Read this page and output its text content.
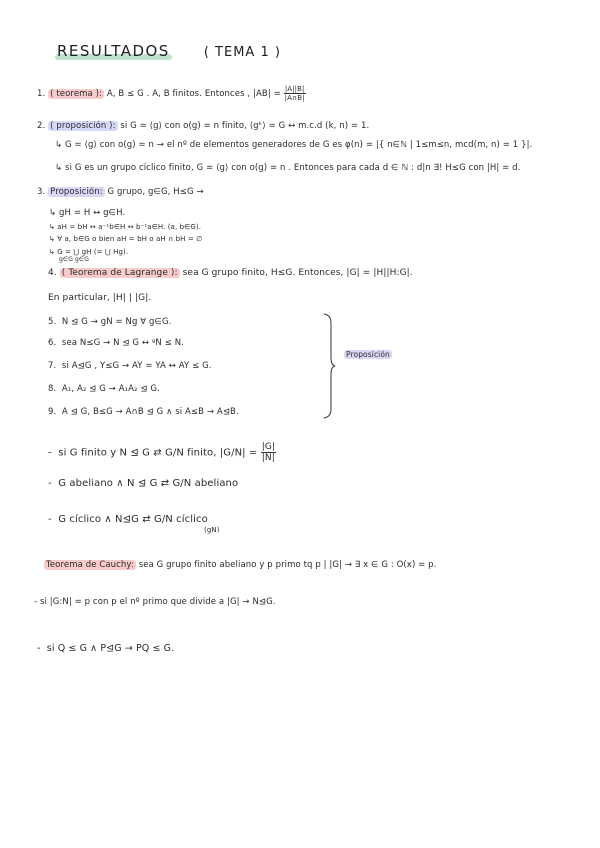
RESULTADOS	( TEMA 1 )
1. ( teorema ): A, B ≤ G . A, B finitos. Entonces , $|AB| = \frac{|A||B|}{|A\cap B|}$
2. ( proposición ): si G = ⟨g⟩ con o(g) = n finito, ⟨gᵏ⟩ = G ↔ m.c.d (k, n) = 1.
↳ G = ⟨g⟩ con o(g) = n → el nº de elementos generadores de G es φ(n) = |{ n∈ℕ | 1≤m≤n, mcd(m, n) = 1 }|.
↳ si G es un grupo cíclico finito, G = ⟨g⟩ con o(g) = n . Entonces para cada d ∈ ℕ : d|n ∃! H≤G con |H| = d.
3. Proposición: G grupo, g∈G, H≤G →
↳ gH = H ↔ g∈H.
↳ aH = bH ↔ a⁻¹b∈H ↔ b⁻¹a∈H. (a, b∈G).
↳ ∀ a, b∈G o bien aH = bH o aH ∩ bH = ∅
↳ G = ⋃ gH (= ⋃ Hg).
g∈G g∈G
4. ( Teorema de Lagrange ): sea G grupo finito, H≤G. Entonces, |G| = |H||H:G|.
En particular, |H| | |G|.
5. N ⊴ G → gN = Ng ∀ g∈G.
6. sea N≤G → N ⊴ G ↔ ᵍN ≤ N.
7. si A⊴G , Y≤G → AY = YA ↔ AY ≤ G.
8. A₁, A₂ ⊴ G → A₁A₂ ⊴ G.
9. A ⊴ G, B≤G → A∩B ⊴ G ∧ si A≤B → A⊴B.
Proposición
- si G finito y N ⊴ G ⇄ G/N finito, $|G/N| = \frac{|G|}{|N|}$
- G abeliano ∧ N ⊴ G ⇄ G/N abeliano
- G cíclico ∧ N⊴G ⇄ G/N cíclico
(gN)
Teorema de Cauchy: sea G grupo finito abeliano y p primo tq p | |G| → ∃ x ∈ G : O(x) = p.
- si |G:N| = p con p el nº primo que divide a |G| → N⊴G.
- si Q ≤ G ∧ P⊴G → PQ ≤ G.
